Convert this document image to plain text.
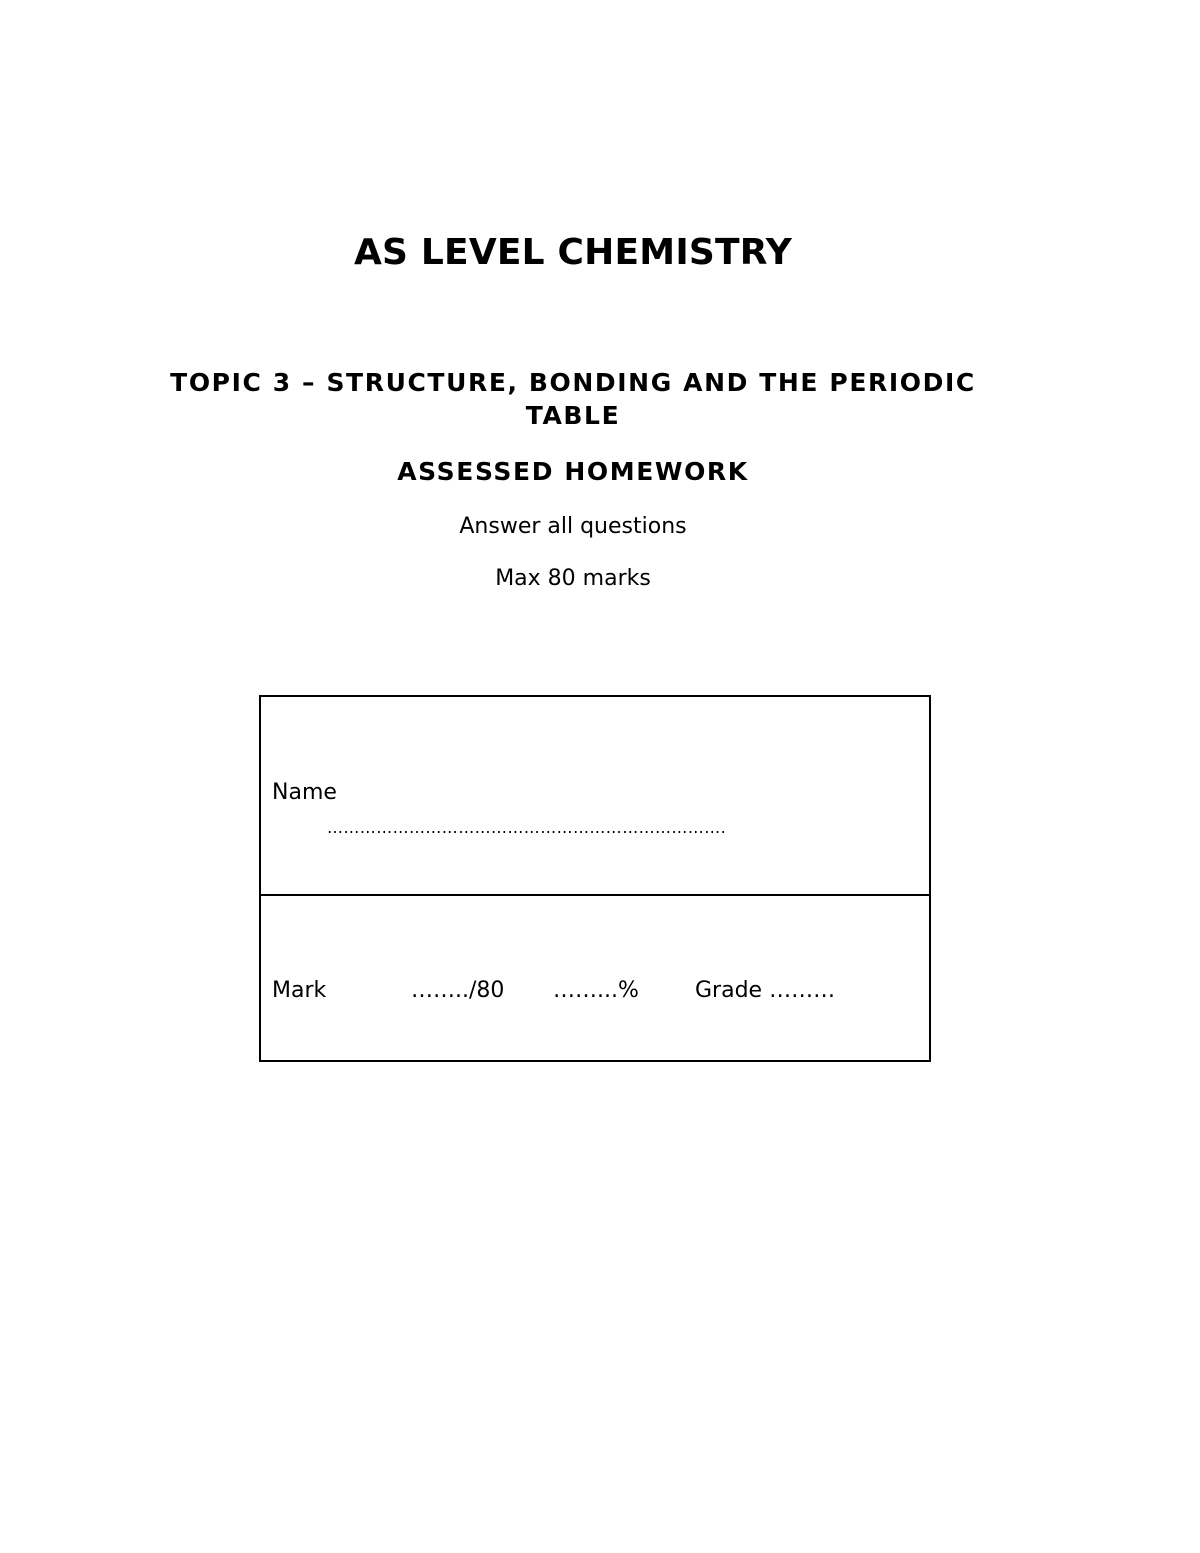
AS LEVEL CHEMISTRY
TOPIC 3 – STRUCTURE, BONDING AND THE PERIODIC TABLE
ASSESSED HOMEWORK
Answer all questions
Max 80 marks
Name
……………………………………………………………….
Mark	……../80 ……...%	Grade ………
